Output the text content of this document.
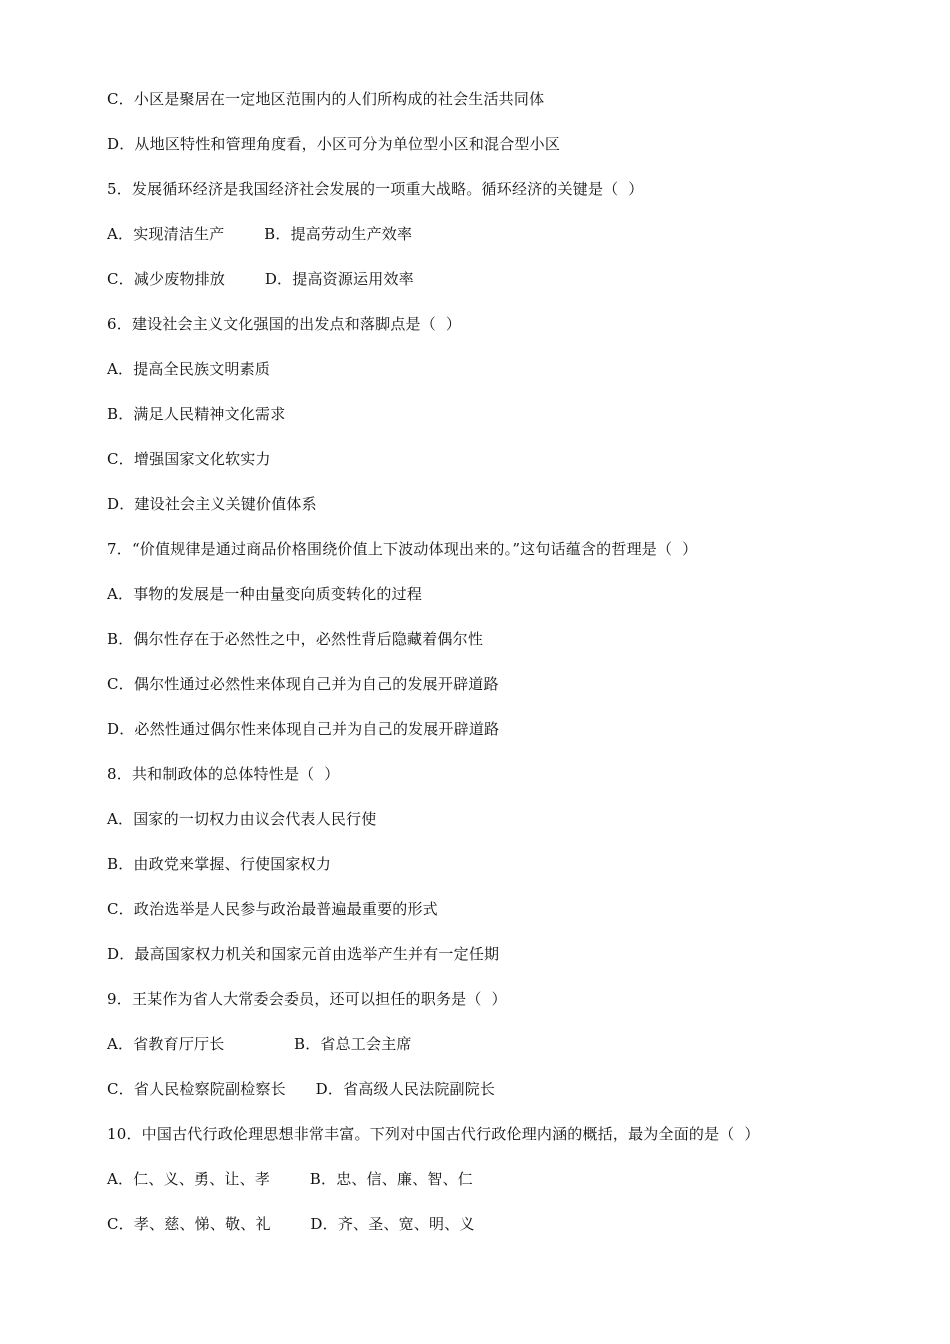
C．小区是聚居在一定地区范围内的人们所构成的社会生活共同体
D．从地区特性和管理角度看，小区可分为单位型小区和混合型小区
5．发展循环经济是我国经济社会发展的一项重大战略。循环经济的关键是（  ）
A．实现清洁生产        B．提高劳动生产效率
C．减少废物排放        D．提高资源运用效率
6．建设社会主义文化强国的出发点和落脚点是（  ）
A．提高全民族文明素质
B．满足人民精神文化需求
C．增强国家文化软实力
D．建设社会主义关键价值体系
7．“价值规律是通过商品价格围绕价值上下波动体现出来的。”这句话蕴含的哲理是（  ）
A．事物的发展是一种由量变向质变转化的过程
B．偶尔性存在于必然性之中，必然性背后隐藏着偶尔性
C．偶尔性通过必然性来体现自己并为自己的发展开辟道路
D．必然性通过偶尔性来体现自己并为自己的发展开辟道路
8．共和制政体的总体特性是（  ）
A．国家的一切权力由议会代表人民行使
B．由政党来掌握、行使国家权力
C．政治选举是人民参与政治最普遍最重要的形式
D．最高国家权力机关和国家元首由选举产生并有一定任期
9．王某作为省人大常委会委员，还可以担任的职务是（  ）
A．省教育厅厅长              B．省总工会主席
C．省人民检察院副检察长      D．省高级人民法院副院长
10．中国古代行政伦理思想非常丰富。下列对中国古代行政伦理内涵的概括，最为全面的是（  ）
A．仁、义、勇、让、孝        B．忠、信、廉、智、仁
C．孝、慈、悌、敬、礼        D．齐、圣、宽、明、义
